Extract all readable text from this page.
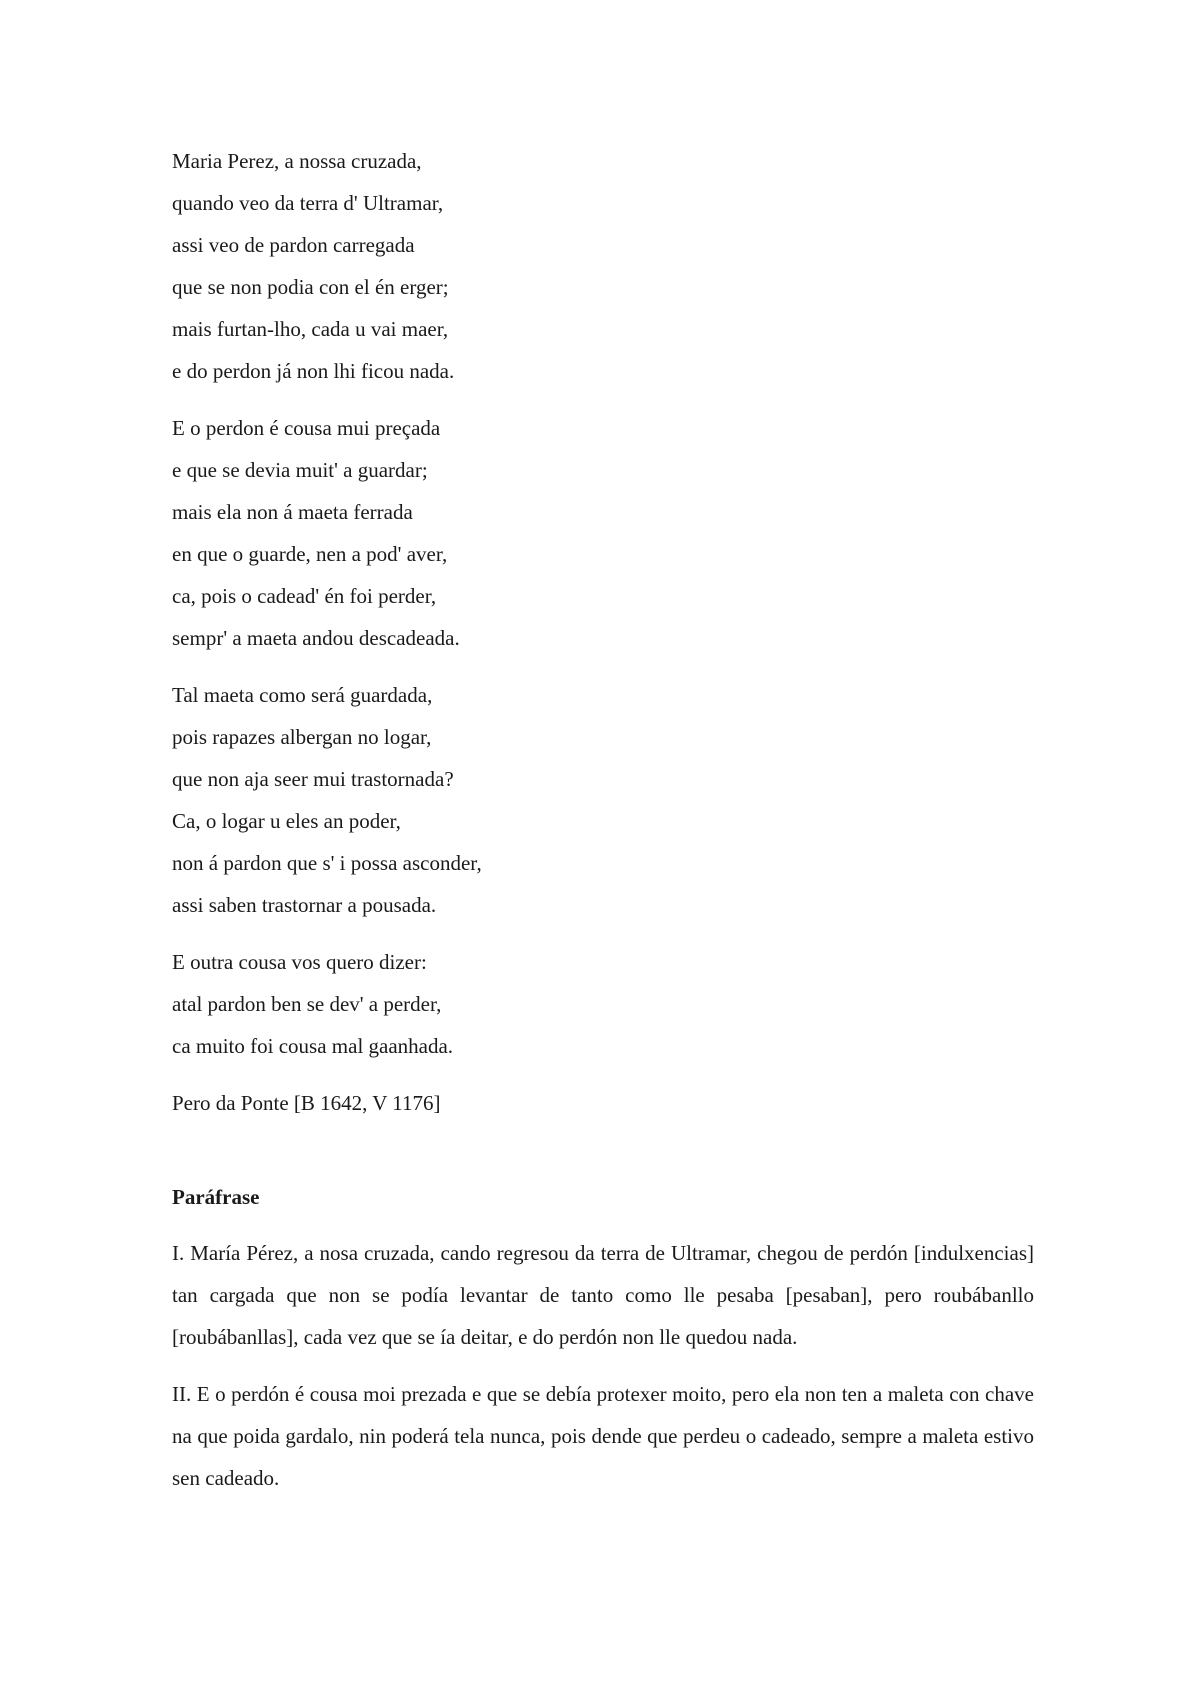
Maria Perez, a nossa cruzada,
quando veo da terra d' Ultramar,
assi veo de pardon carregada
que se non podia con el én erger;
mais furtan-lho, cada u vai maer,
e do perdon já non lhi ficou nada.
E o perdon é cousa mui preçada
e que se devia muit' a guardar;
mais ela non á maeta ferrada
en que o guarde, nen a pod' aver,
ca, pois o cadead' én foi perder,
sempr' a maeta andou descadeada.
Tal maeta como será guardada,
pois rapazes albergan no logar,
que non aja seer mui trastornada?
Ca, o logar u eles an poder,
non á pardon que s' i possa asconder,
assi saben trastornar a pousada.
E outra cousa vos quero dizer:
atal pardon ben se dev' a perder,
ca muito foi cousa mal gaanhada.

Pero da Ponte [B 1642, V 1176]

Paráfrase

I. María Pérez, a nosa cruzada, cando regresou da terra de Ultramar, chegou de perdón [indulxencias] tan cargada que non se podía levantar de tanto como lle pesaba [pesaban], pero roubábanllo [roubábanllas], cada vez que se ía deitar, e do perdón non lle quedou nada.

II. E o perdón é cousa moi prezada e que se debía protexer moito, pero ela non ten a maleta con chave na que poida gardalo, nin poderá tela nunca, pois dende que perdeu o cadeado, sempre a maleta estivo sen cadeado.
